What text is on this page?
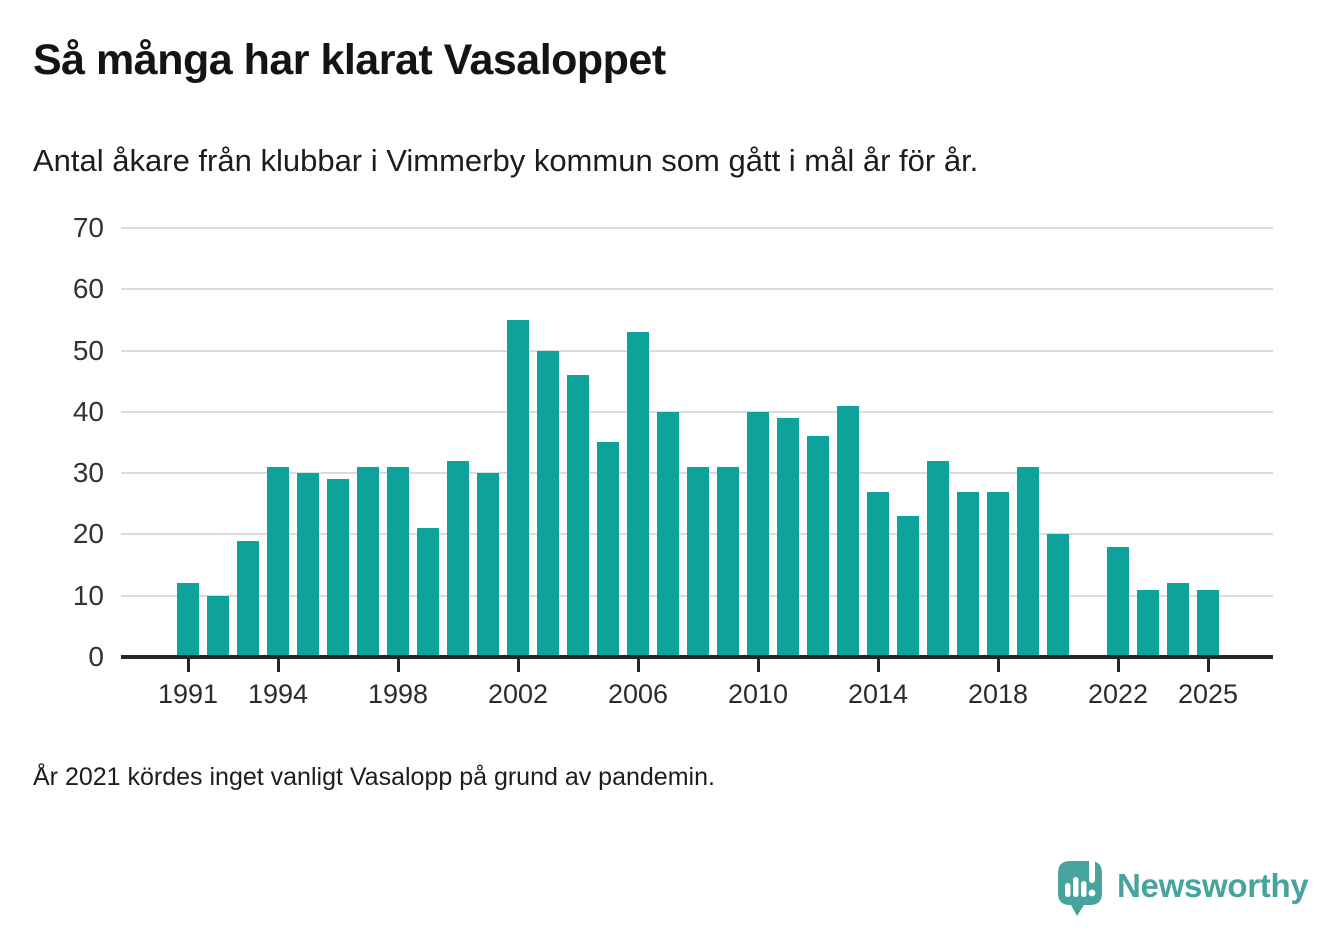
Så många har klarat Vasaloppet

Antal åkare från klubbar i Vimmerby kommun som gått i mål år för år.

0
10
20
30
40
50
60
70
1991	1994	1998	2002	2006	2010	2014	2018	2022	2025

År 2021 kördes inget vanligt Vasalopp på grund av pandemin.

Newsworthy
